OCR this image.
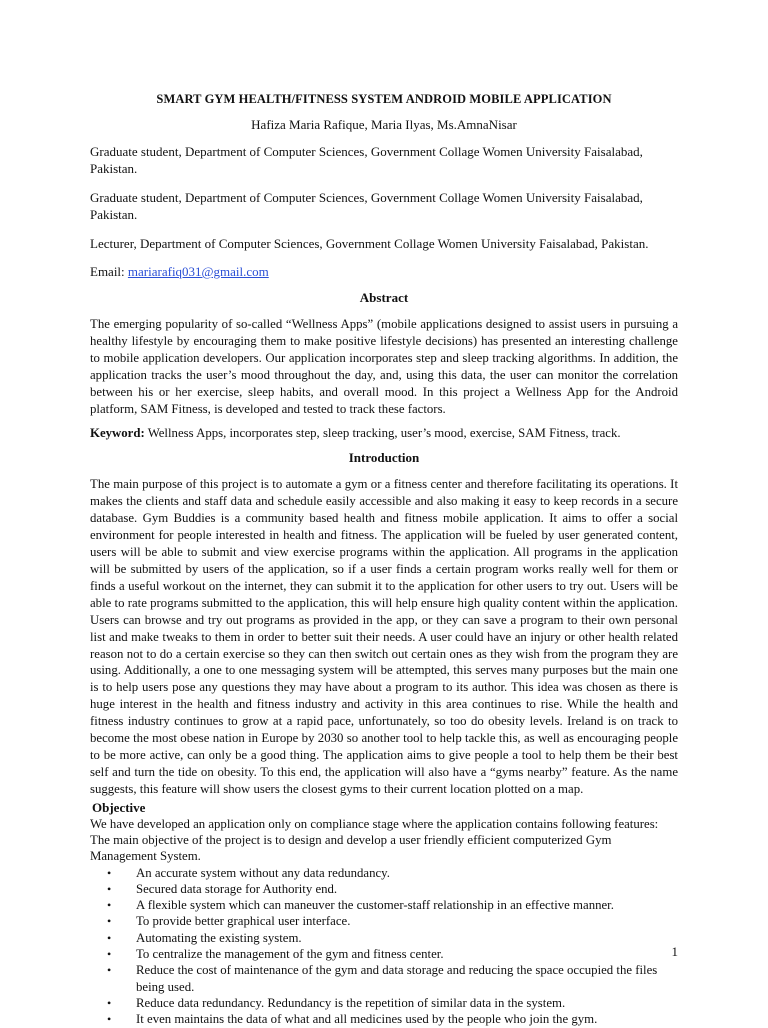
SMART GYM HEALTH/FITNESS SYSTEM ANDROID MOBILE APPLICATION
Hafiza Maria Rafique, Maria Ilyas, Ms.AmnaNisar
Graduate student, Department of Computer Sciences, Government Collage Women University Faisalabad, Pakistan.
Graduate student, Department of Computer Sciences, Government Collage Women University Faisalabad, Pakistan.
Lecturer, Department of Computer Sciences, Government Collage Women University Faisalabad, Pakistan.
Email: mariarafiq031@gmail.com
Abstract
The emerging popularity of so-called “Wellness Apps” (mobile applications designed to assist users in pursuing a healthy lifestyle by encouraging them to make positive lifestyle decisions) has presented an interesting challenge to mobile application developers. Our application incorporates step and sleep tracking algorithms. In addition, the application tracks the user’s mood throughout the day, and, using this data, the user can monitor the correlation between his or her exercise, sleep habits, and overall mood. In this project a Wellness App for the Android platform, SAM Fitness, is developed and tested to track these factors.
Keyword: Wellness Apps, incorporates step, sleep tracking, user’s mood, exercise, SAM Fitness, track.
Introduction
The main purpose of this project is to automate a gym or a fitness center and therefore facilitating its operations. It makes the clients and staff data and schedule easily accessible and also making it easy to keep records in a secure database. Gym Buddies is a community based health and fitness mobile application. It aims to offer a social environment for people interested in health and fitness. The application will be fueled by user generated content, users will be able to submit and view exercise programs within the application. All programs in the application will be submitted by users of the application, so if a user finds a certain program works really well for them or finds a useful workout on the internet, they can submit it to the application for other users to try out. Users will be able to rate programs submitted to the application, this will help ensure high quality content within the application. Users can browse and try out programs as provided in the app, or they can save a program to their own personal list and make tweaks to them in order to better suit their needs. A user could have an injury or other health related reason not to do a certain exercise so they can then switch out certain ones as they wish from the program they are using. Additionally, a one to one messaging system will be attempted, this serves many purposes but the main one is to help users pose any questions they may have about a program to its author. This idea was chosen as there is huge interest in the health and fitness industry and activity in this area continues to rise. While the health and fitness industry continues to grow at a rapid pace, unfortunately, so too do obesity levels. Ireland is on track to become the most obese nation in Europe by 2030 so another tool to help tackle this, as well as encouraging people to be more active, can only be a good thing. The application aims to give people a tool to help them be their best self and turn the tide on obesity. To this end, the application will also have a “gyms nearby” feature. As the name suggests, this feature will show users the closest gyms to their current location plotted on a map.
Objective
We have developed an application only on compliance stage where the application contains following features:
The main objective of the project is to design and develop a user friendly efficient computerized Gym Management System.
• An accurate system without any data redundancy.
• Secured data storage for Authority end.
• A flexible system which can maneuver the customer-staff relationship in an effective manner.
• To provide better graphical user interface.
• Automating the existing system.
• To centralize the management of the gym and fitness center.
• Reduce the cost of maintenance of the gym and data storage and reducing the space occupied the files being used.
• Reduce data redundancy. Redundancy is the repetition of similar data in the system.
• It even maintains the data of what and all medicines used by the people who join the gym.
1
